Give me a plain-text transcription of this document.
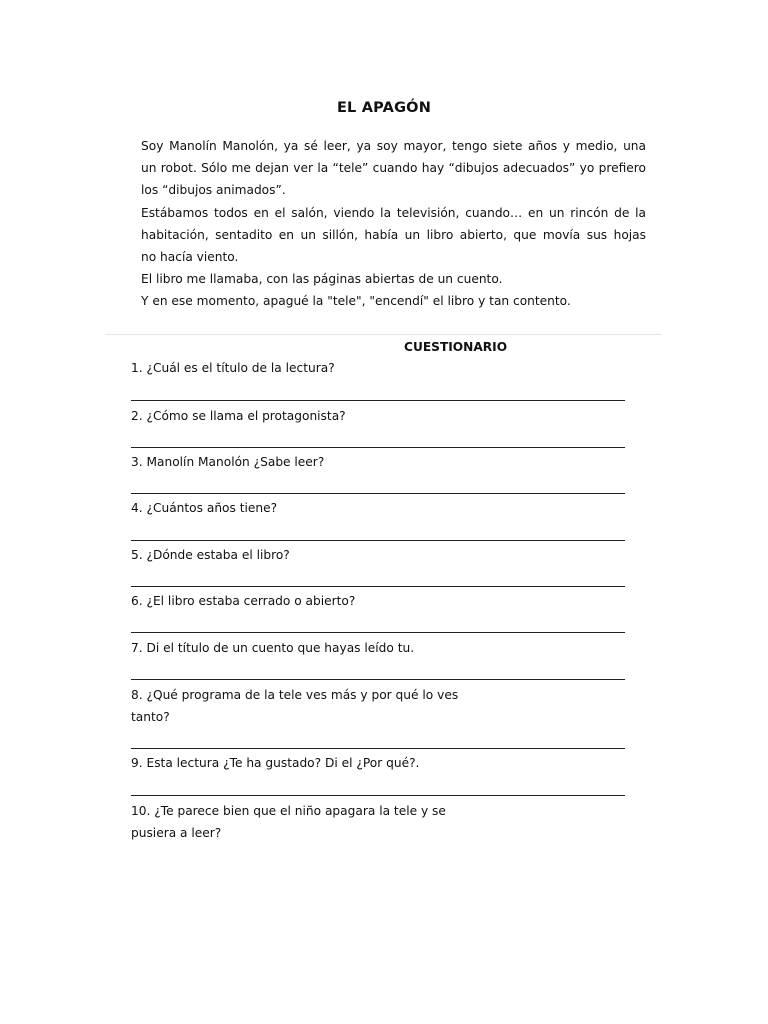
EL APAGÓN
Soy Manolín Manolón, ya sé leer, ya soy mayor, tengo siete años y medio, una
un robot. Sólo me dejan ver la “tele” cuando hay “dibujos adecuados” yo prefiero
los “dibujos animados”.
Estábamos todos en el salón, viendo la televisión, cuando… en un rincón de la
habitación, sentadito en un sillón, había un libro abierto, que movía sus hojas
no hacía viento.
El libro me llamaba, con las páginas abiertas de un cuento.
Y en ese momento, apagué la "tele", "encendí" el libro y tan contento.
CUESTIONARIO
1. ¿Cuál es el título de la lectura?
2. ¿Cómo se llama el protagonista?
3. Manolín Manolón ¿Sabe leer?
4. ¿Cuántos años tiene?
5. ¿Dónde estaba el libro?
6. ¿El libro estaba cerrado o abierto?
7. Di el título de un cuento que hayas leído tu.
8. ¿Qué programa de la tele ves más y por qué lo ves
tanto?
9. Esta lectura ¿Te ha gustado? Di el ¿Por qué?.
10. ¿Te parece bien que el niño apagara la tele y se
pusiera a leer?
